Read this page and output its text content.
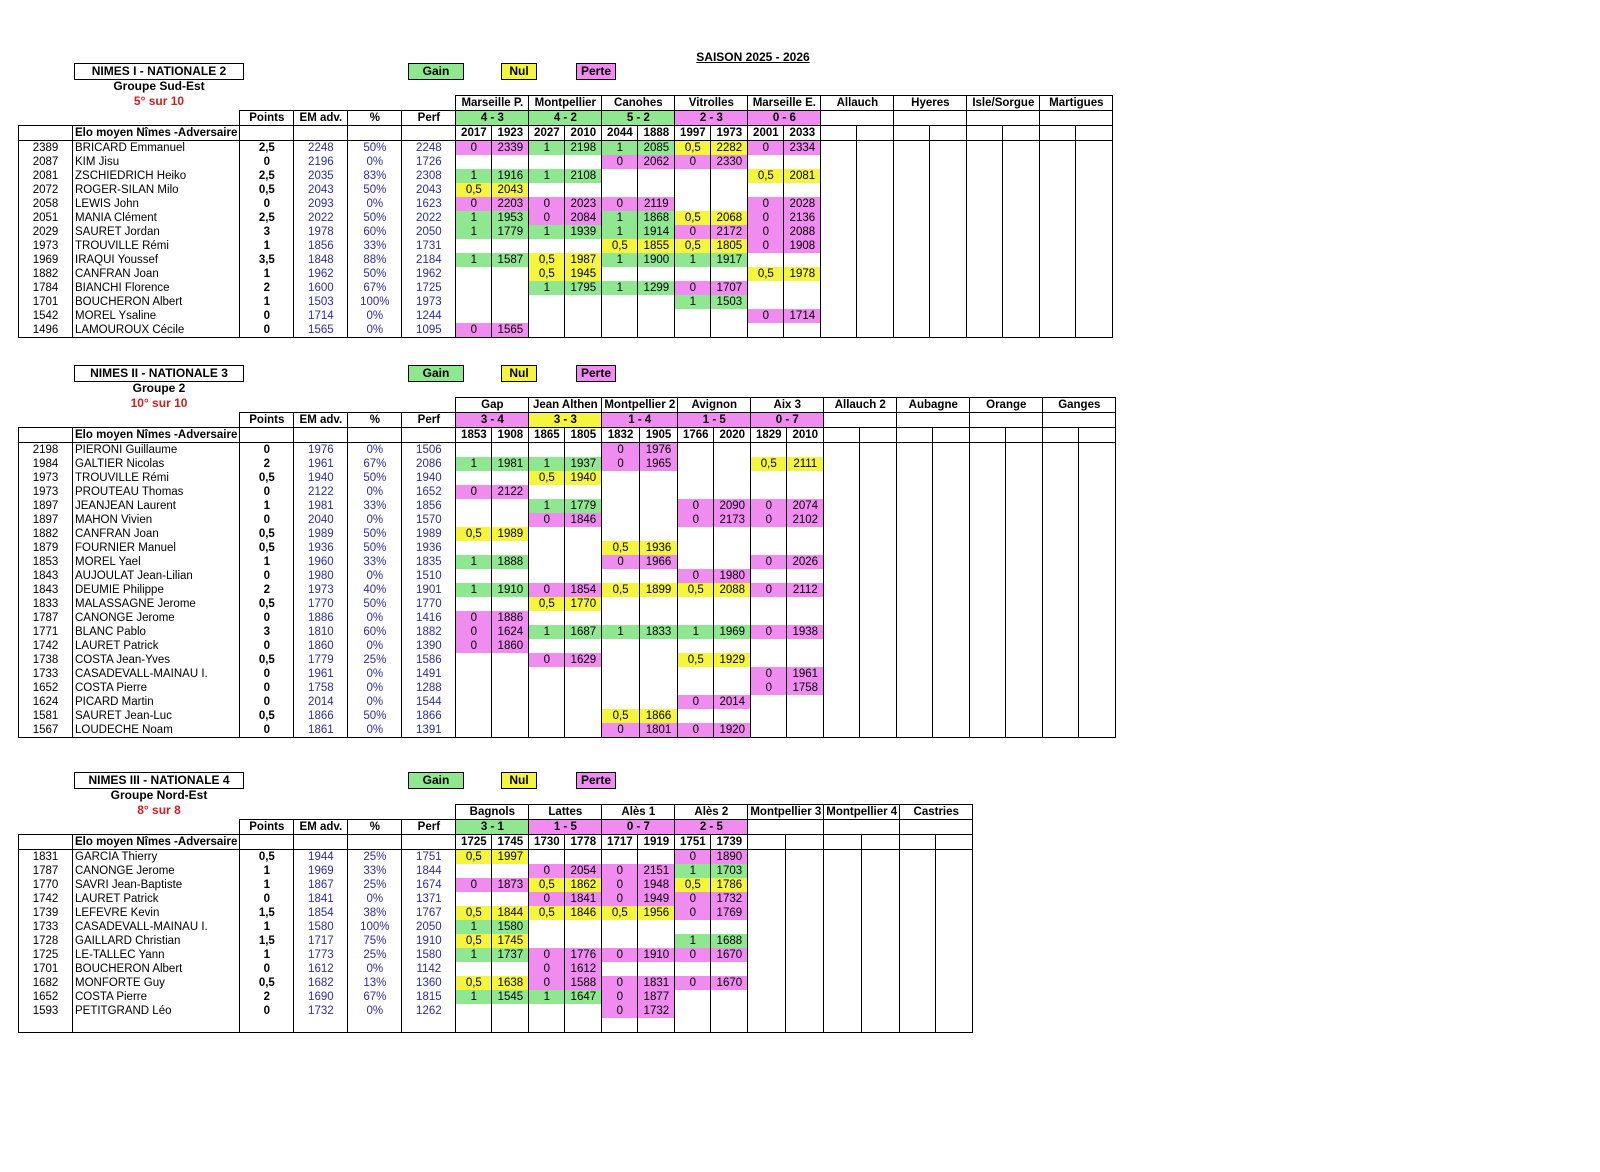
SAISON 2025 - 2026
NIMES I - NATIONALE 2
Groupe Sud-Est
5° sur 10
Gain	Nul	Perte
						Marseille P.		Montpellier		Canohes		Vitrolles		Marseille E.		Allauch		Hyeres		Isle/Sorgue		Martigues	
		Points	EM adv.	%	Perf	4 - 3		4 - 2		5 - 2		2 - 3		0 - 6									
	Elo moyen Nîmes -Adversaire					2017	1923	2027	2010	2044	1888	1997	1973	2001	2033								
2389	BRICARD Emmanuel	2,5	2248	50%	2248	0	2339	1	2198	1	2085	0,5	2282	0	2334								
2087	KIM Jisu	0	2196	0%	1726					0	2062	0	2330										
2081	ZSCHIEDRICH Heiko	2,5	2035	83%	2308	1	1916	1	2108					0,5	2081								
2072	ROGER-SILAN Milo	0,5	2043	50%	2043	0,5	2043																
2058	LEWIS John	0	2093	0%	1623	0	2203	0	2023	0	2119			0	2028								
2051	MANIA Clément	2,5	2022	50%	2022	1	1953	0	2084	1	1868	0,5	2068	0	2136								
2029	SAURET Jordan	3	1978	60%	2050	1	1779	1	1939	1	1914	0	2172	0	2088								
1973	TROUVILLE Rémi	1	1856	33%	1731					0,5	1855	0,5	1805	0	1908								
1969	IRAQUI Youssef	3,5	1848	88%	2184	1	1587	0,5	1987	1	1900	1	1917										
1882	CANFRAN Joan	1	1962	50%	1962			0,5	1945					0,5	1978								
1784	BIANCHI Florence	2	1600	67%	1725			1	1795	1	1299	0	1707										
1701	BOUCHERON Albert	1	1503	100%	1973							1	1503										
1542	MOREL Ysaline	0	1714	0%	1244									0	1714								
1496	LAMOUROUX Cécile	0	1565	0%	1095	0	1565																
NIMES II - NATIONALE 3
Groupe 2
10° sur 10
Gain	Nul	Perte
						Gap		Jean Althen		Montpellier 2		Avignon		Aix 3		Allauch 2		Aubagne		Orange		Ganges	
		Points	EM adv.	%	Perf	3 - 4		3 - 3		1 - 4		1 - 5		0 - 7									
	Elo moyen Nîmes -Adversaire					1853	1908	1865	1805	1832	1905	1766	2020	1829	2010								
2198	PIERONI Guillaume	0	1976	0%	1506					0	1976												
1984	GALTIER Nicolas	2	1961	67%	2086	1	1981	1	1937	0	1965			0,5	2111								
1973	TROUVILLE Rémi	0,5	1940	50%	1940			0,5	1940														
1973	PROUTEAU Thomas	0	2122	0%	1652	0	2122																
1897	JEANJEAN Laurent	1	1981	33%	1856			1	1779			0	2090	0	2074								
1897	MAHON Vivien	0	2040	0%	1570			0	1846			0	2173	0	2102								
1882	CANFRAN Joan	0,5	1989	50%	1989	0,5	1989																
1879	FOURNIER Manuel	0,5	1936	50%	1936					0,5	1936												
1853	MOREL Yael	1	1960	33%	1835	1	1888			0	1966			0	2026								
1843	AUJOULAT Jean-Lilian	0	1980	0%	1510							0	1980										
1843	DEUMIE Philippe	2	1973	40%	1901	1	1910	0	1854	0,5	1899	0,5	2088	0	2112								
1833	MALASSAGNE Jerome	0,5	1770	50%	1770			0,5	1770														
1787	CANONGE Jerome	0	1886	0%	1416	0	1886																
1771	BLANC Pablo	3	1810	60%	1882	0	1624	1	1687	1	1833	1	1969	0	1938								
1742	LAURET Patrick	0	1860	0%	1390	0	1860																
1738	COSTA Jean-Yves	0,5	1779	25%	1586			0	1629			0,5	1929										
1733	CASADEVALL-MAINAU I.	0	1961	0%	1491									0	1961								
1652	COSTA Pierre	0	1758	0%	1288									0	1758								
1624	PICARD Martin	0	2014	0%	1544							0	2014										
1581	SAURET Jean-Luc	0,5	1866	50%	1866					0,5	1866												
1567	LOUDECHE Noam	0	1861	0%	1391					0	1801	0	1920										
NIMES III - NATIONALE 4
Groupe Nord-Est
8° sur 8
Gain	Nul	Perte
						Bagnols		Lattes		Alès 1		Alès 2		Montpellier 3		Montpellier 4		Castries	
		Points	EM adv.	%	Perf	3 - 1		1 - 5		0 - 7		2 - 5							
	Elo moyen Nîmes -Adversaire					1725	1745	1730	1778	1717	1919	1751	1739						
1831	GARCIA Thierry	0,5	1944	25%	1751	0,5	1997					0	1890						
1787	CANONGE Jerome	1	1969	33%	1844			0	2054	0	2151	1	1703						
1770	SAVRI Jean-Baptiste	1	1867	25%	1674	0	1873	0,5	1862	0	1948	0,5	1786						
1742	LAURET Patrick	0	1841	0%	1371			0	1841	0	1949	0	1732						
1739	LEFEVRE Kevin	1,5	1854	38%	1767	0,5	1844	0,5	1846	0,5	1956	0	1769						
1733	CASADEVALL-MAINAU I.	1	1580	100%	2050	1	1580												
1728	GAILLARD Christian	1,5	1717	75%	1910	0,5	1745					1	1688						
1725	LE-TALLEC Yann	1	1773	25%	1580	1	1737	0	1776	0	1910	0	1670						
1701	BOUCHERON Albert	0	1612	0%	1142			0	1612										
1682	MONFORTE Guy	0,5	1682	13%	1360	0,5	1638	0	1588	0	1831	0	1670						
1652	COSTA Pierre	2	1690	67%	1815	1	1545	1	1647	0	1877								
1593	PETITGRAND Léo	0	1732	0%	1262					0	1732								
